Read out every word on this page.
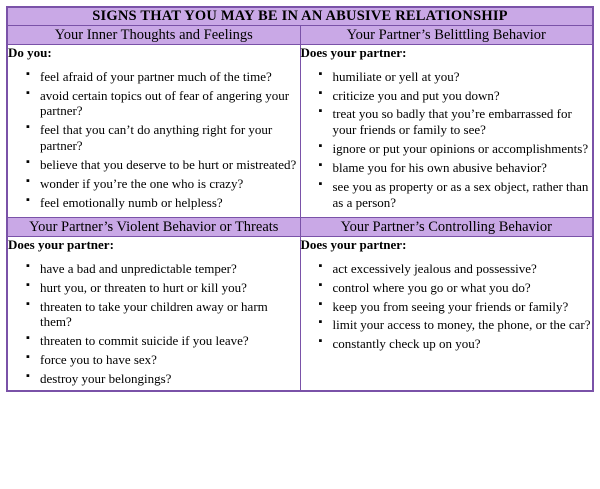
SIGNS THAT YOU MAY BE IN AN ABUSIVE RELATIONSHIP	
Your Inner Thoughts and Feelings	Your Partner’s Belittling Behavior

Do you:
▪ feel afraid of your partner much of the time?
▪ avoid certain topics out of fear of angering your partner?
▪ feel that you can’t do anything right for your partner?
▪ believe that you deserve to be hurt or mistreated?
▪ wonder if you’re the one who is crazy?
▪ feel emotionally numb or helpless?

Does your partner:
▪ humiliate or yell at you?
▪ criticize you and put you down?
▪ treat you so badly that you’re embarrassed for your friends or family to see?
▪ ignore or put your opinions or accomplishments?
▪ blame you for his own abusive behavior?
▪ see you as property or as a sex object, rather than as a person?

Your Partner’s Violent Behavior or Threats	Your Partner’s Controlling Behavior

Does your partner:
▪ have a bad and unpredictable temper?
▪ hurt you, or threaten to hurt or kill you?
▪ threaten to take your children away or harm them?
▪ threaten to commit suicide if you leave?
▪ force you to have sex?
▪ destroy your belongings?

Does your partner:
▪ act excessively jealous and possessive?
▪ control where you go or what you do?
▪ keep you from seeing your friends or family?
▪ limit your access to money, the phone, or the car?
▪ constantly check up on you?
